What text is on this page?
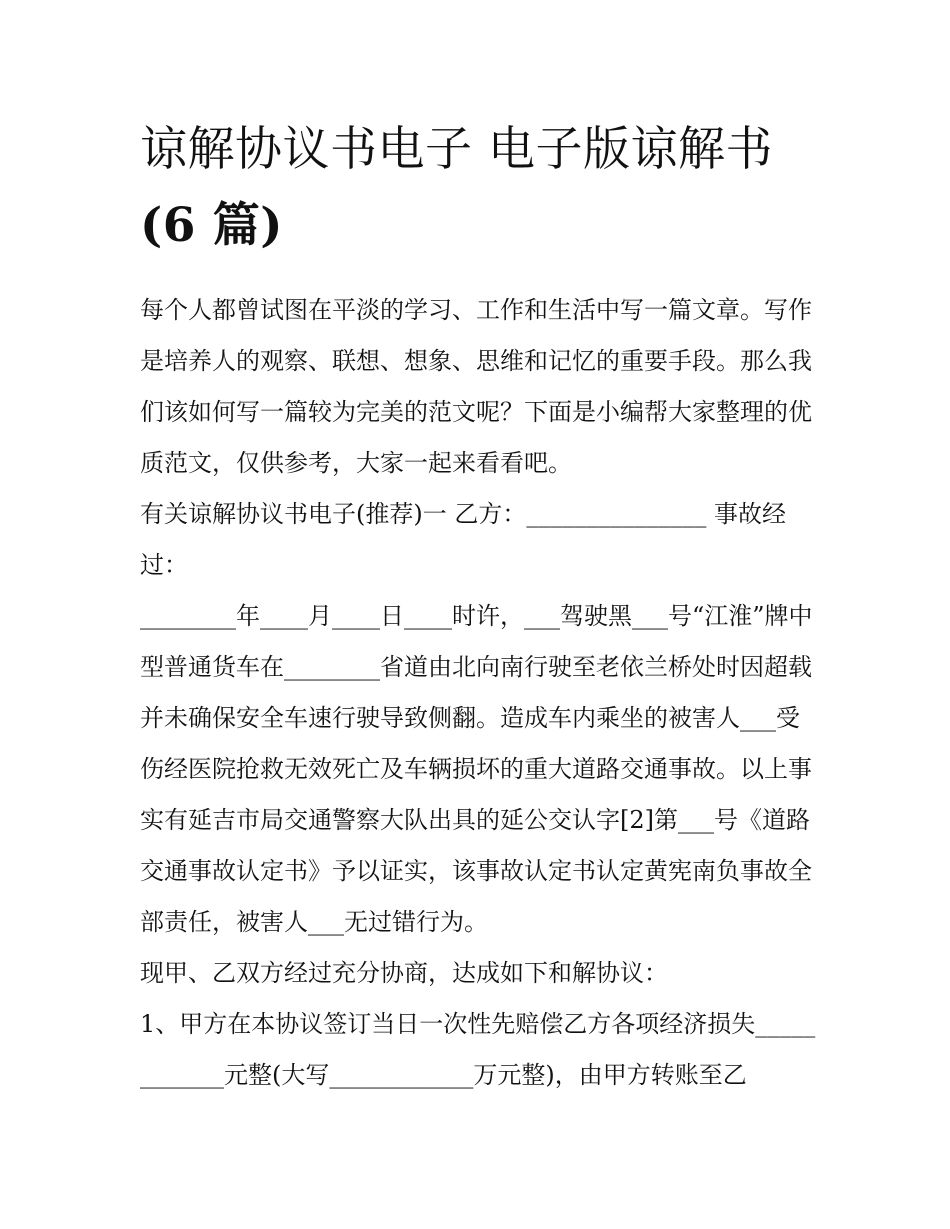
谅解协议书电子 电子版谅解书
(6 篇)

每个人都曾试图在平淡的学习、工作和生活中写一篇文章。写作是培养人的观察、联想、想象、思维和记忆的重要手段。那么我们该如何写一篇较为完美的范文呢？下面是小编帮大家整理的优质范文，仅供参考，大家一起来看看吧。

有关谅解协议书电子(推荐)一 乙方：_______________ 事故经过：

________年____月____日____时许，___驾驶黑___号“江淮”牌中型普通货车在________省道由北向南行驶至老依兰桥处时因超载并未确保安全车速行驶导致侧翻。造成车内乘坐的被害人___受伤经医院抢救无效死亡及车辆损坏的重大道路交通事故。以上事实有延吉市局交通警察大队出具的延公交认字[2]第___号《道路交通事故认定书》予以证实，该事故认定书认定黄宪南负事故全部责任，被害人___无过错行为。

现甲、乙双方经过充分协商，达成如下和解协议：

1、甲方在本协议签订当日一次性先赔偿乙方各项经济损失____________元整(大写____________万元整)，由甲方转账至乙
